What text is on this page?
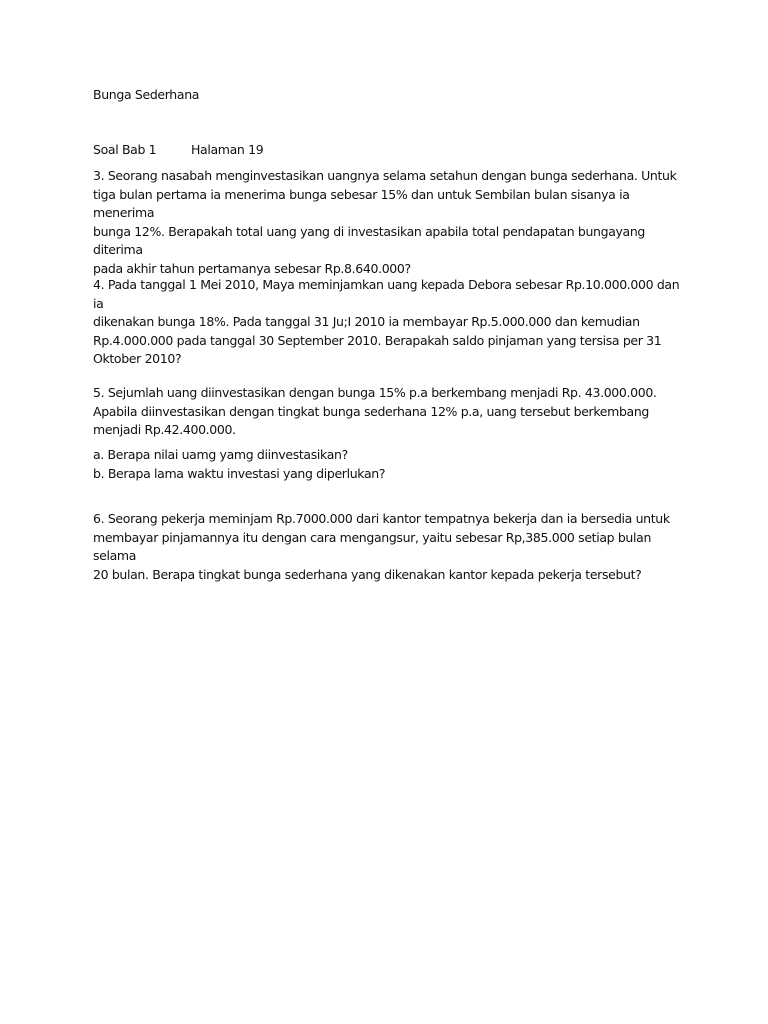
Bunga Sederhana
Soal Bab 1	Halaman 19
3. Seorang nasabah menginvestasikan uangnya selama setahun dengan bunga sederhana. Untuk
tiga bulan pertama ia menerima bunga sebesar 15% dan untuk Sembilan bulan sisanya ia menerima
bunga 12%. Berapakah total uang yang di investasikan apabila total pendapatan bungayang diterima
pada akhir tahun pertamanya sebesar Rp.8.640.000?
4. Pada tanggal 1 Mei 2010, Maya meminjamkan uang kepada Debora sebesar Rp.10.000.000 dan ia
dikenakan bunga 18%. Pada tanggal 31 Ju;I 2010 ia membayar Rp.5.000.000 dan kemudian
Rp.4.000.000 pada tanggal 30 September 2010. Berapakah saldo pinjaman yang tersisa per 31
Oktober 2010?
5. Sejumlah uang diinvestasikan dengan bunga 15% p.a berkembang menjadi Rp. 43.000.000.
Apabila diinvestasikan dengan tingkat bunga sederhana 12% p.a, uang tersebut berkembang
menjadi Rp.42.400.000.
a. Berapa nilai uamg yamg diinvestasikan?
b. Berapa lama waktu investasi yang diperlukan?
6. Seorang pekerja meminjam Rp.7000.000 dari kantor tempatnya bekerja dan ia bersedia untuk
membayar pinjamannya itu dengan cara mengangsur, yaitu sebesar Rp,385.000 setiap bulan selama
20 bulan. Berapa tingkat bunga sederhana yang dikenakan kantor kepada pekerja tersebut?
